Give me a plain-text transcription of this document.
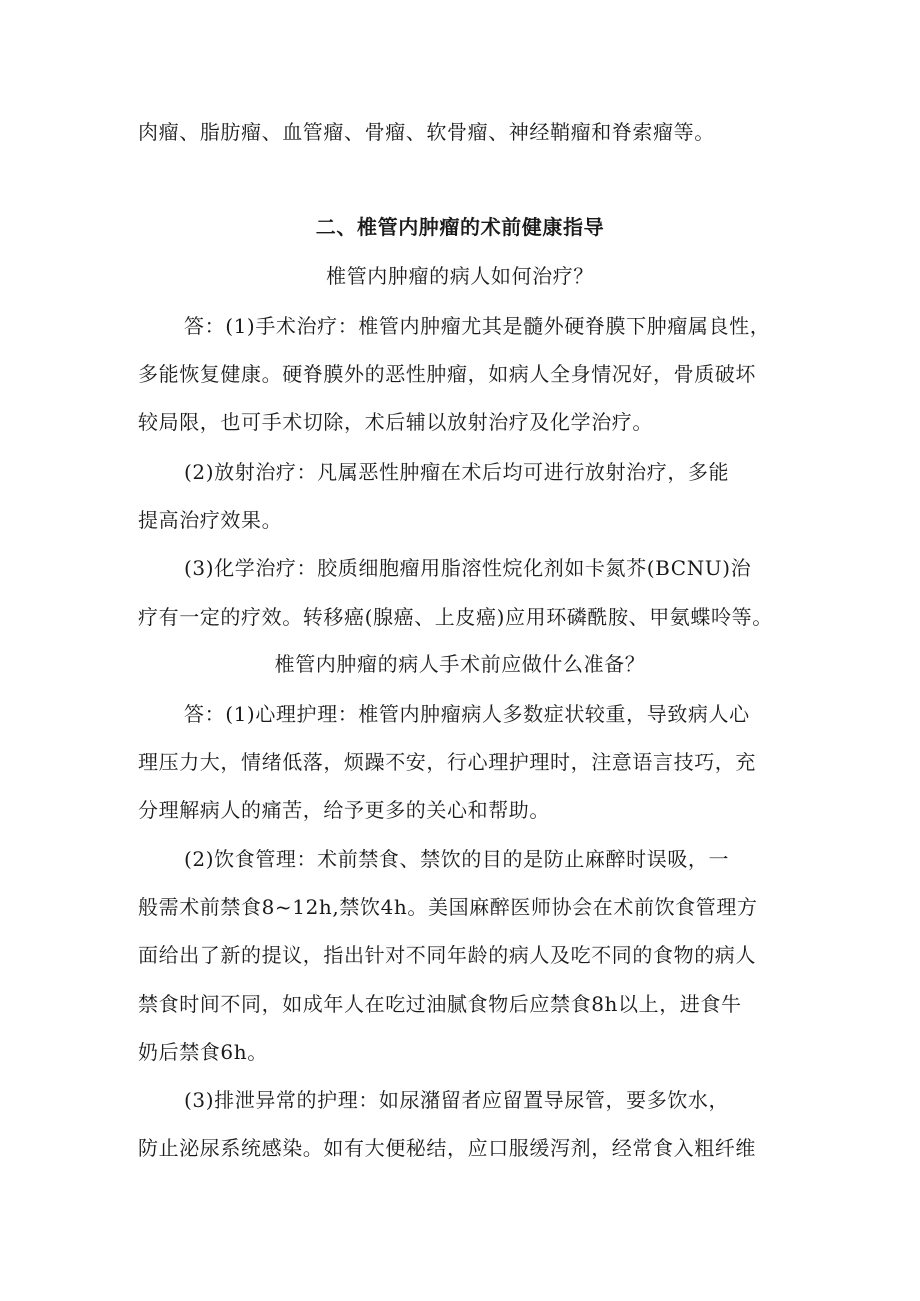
肉瘤、脂肪瘤、血管瘤、骨瘤、软骨瘤、神经鞘瘤和脊索瘤等。
二、椎管内肿瘤的术前健康指导
椎管内肿瘤的病人如何治疗？
答：(1)手术治疗：椎管内肿瘤尤其是髓外硬脊膜下肿瘤属良性，
多能恢复健康。硬脊膜外的恶性肿瘤，如病人全身情况好，骨质破坏
较局限，也可手术切除，术后辅以放射治疗及化学治疗。
(2)放射治疗：凡属恶性肿瘤在术后均可进行放射治疗，多能
提高治疗效果。
(3)化学治疗：胶质细胞瘤用脂溶性烷化剂如卡氮芥(BCNU)治
疗有一定的疗效。转移癌(腺癌、上皮癌)应用环磷酰胺、甲氨蝶呤等。
椎管内肿瘤的病人手术前应做什么准备？
答：(1)心理护理：椎管内肿瘤病人多数症状较重，导致病人心
理压力大，情绪低落，烦躁不安，行心理护理时，注意语言技巧，充
分理解病人的痛苦，给予更多的关心和帮助。
(2)饮食管理：术前禁食、禁饮的目的是防止麻醉时误吸，一
般需术前禁食8~12h,禁饮4h。美国麻醉医师协会在术前饮食管理方
面给出了新的提议，指出针对不同年龄的病人及吃不同的食物的病人
禁食时间不同，如成年人在吃过油腻食物后应禁食8h以上，进食牛
奶后禁食6h。
(3)排泄异常的护理：如尿潴留者应留置导尿管，要多饮水，
防止泌尿系统感染。如有大便秘结，应口服缓泻剂，经常食入粗纤维
